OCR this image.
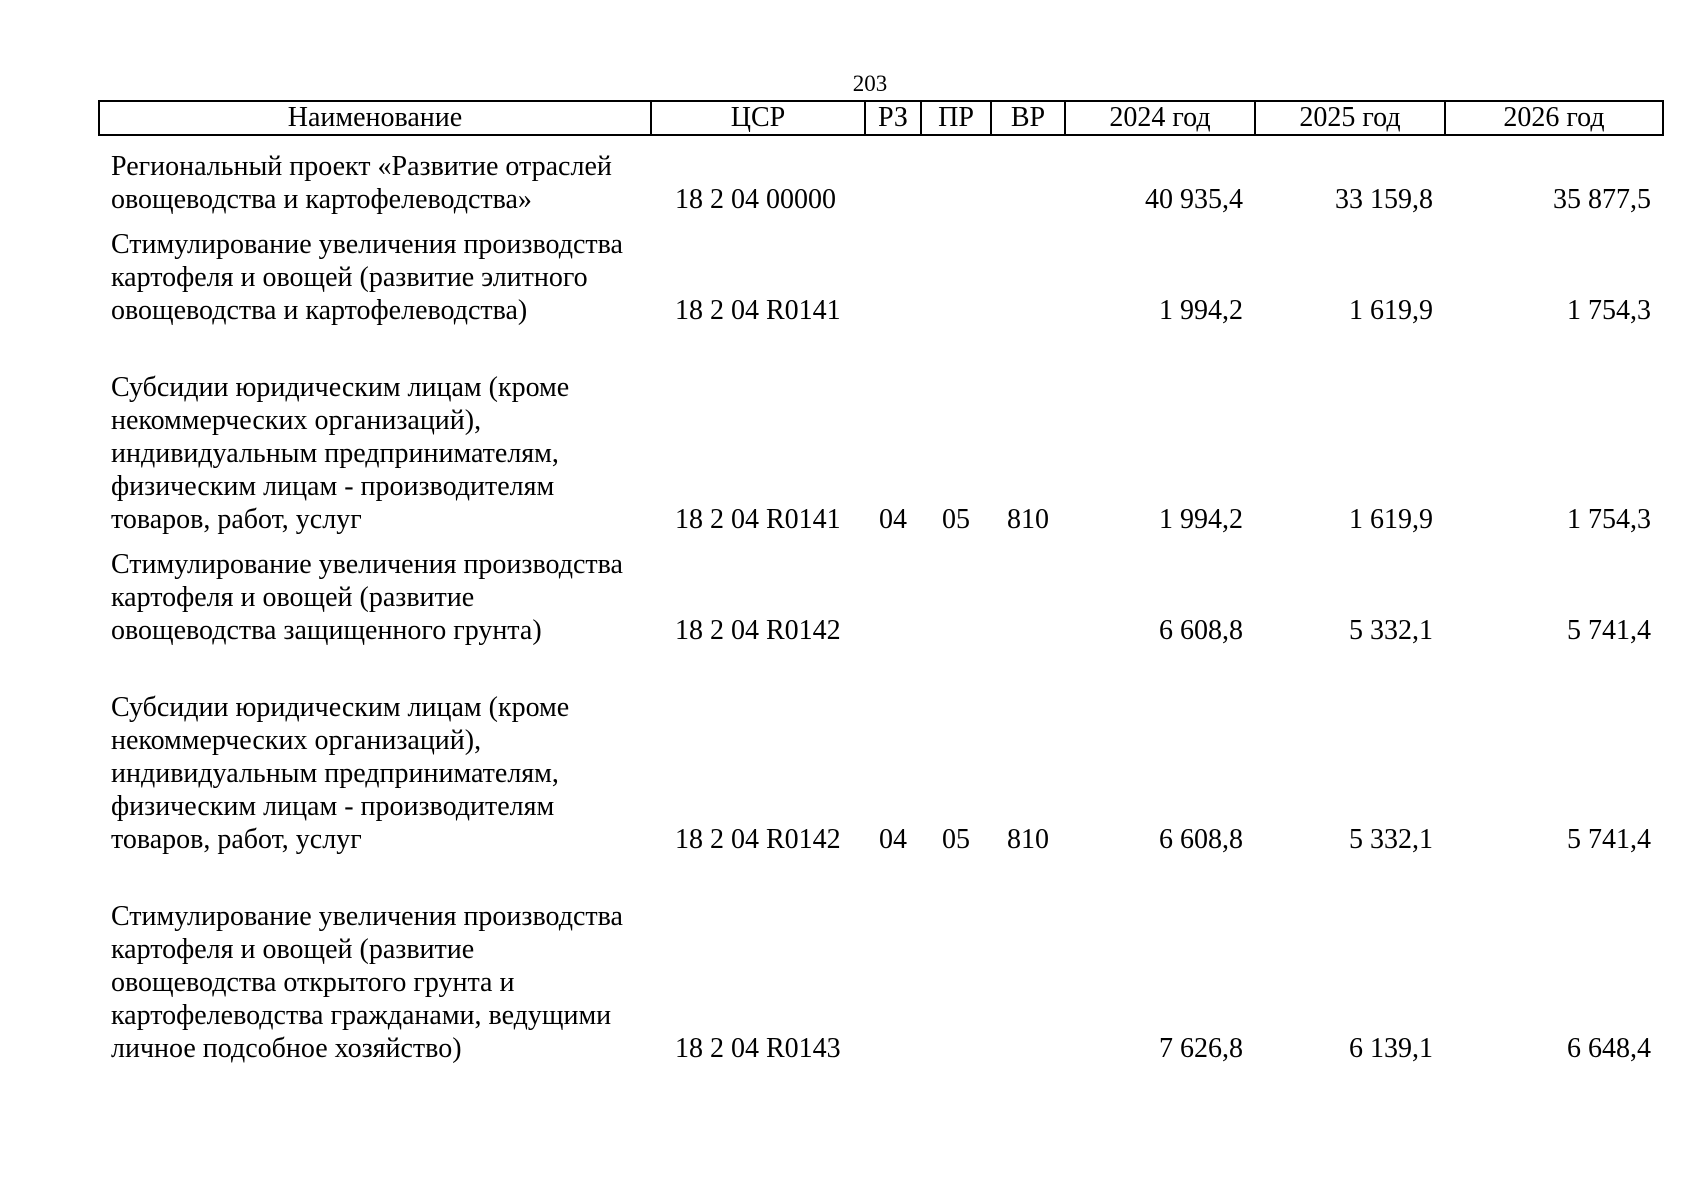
203
Наименование	ЦСР	РЗ	ПР	ВР	2024 год	2025 год	2026 год
Региональный проект «Развитие отраслей овощеводства и картофелеводства»	18 2 04 00000				40 935,4	33 159,8	35 877,5
Стимулирование увеличения производства картофеля и овощей (развитие элитного овощеводства и картофелеводства)	18 2 04 R0141				1 994,2	1 619,9	1 754,3
Субсидии юридическим лицам (кроме некоммерческих организаций), индивидуальным предпринимателям, физическим лицам - производителям товаров, работ, услуг	18 2 04 R0141	04	05	810	1 994,2	1 619,9	1 754,3
Стимулирование увеличения производства картофеля и овощей (развитие овощеводства защищенного грунта)	18 2 04 R0142				6 608,8	5 332,1	5 741,4
Субсидии юридическим лицам (кроме некоммерческих организаций), индивидуальным предпринимателям, физическим лицам - производителям товаров, работ, услуг	18 2 04 R0142	04	05	810	6 608,8	5 332,1	5 741,4
Стимулирование увеличения производства картофеля и овощей (развитие овощеводства открытого грунта и картофелеводства гражданами, ведущими личное подсобное хозяйство)	18 2 04 R0143				7 626,8	6 139,1	6 648,4
